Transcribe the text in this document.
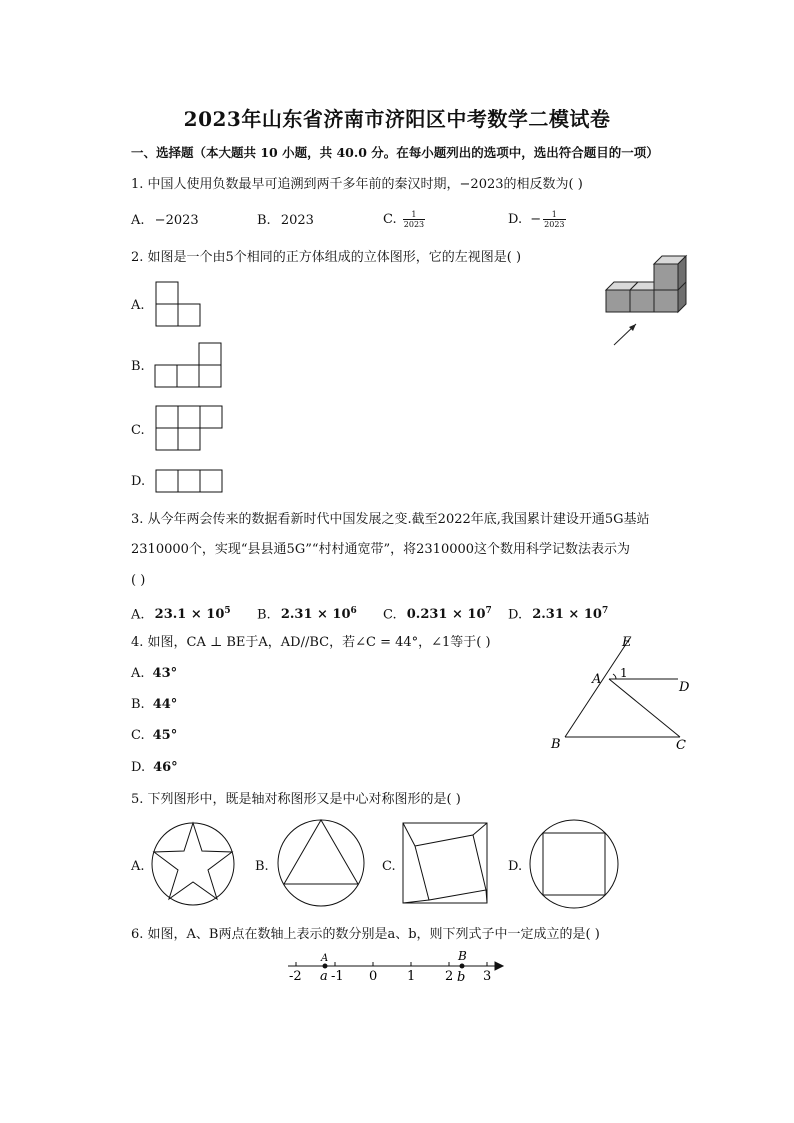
2023年山东省济南市济阳区中考数学二模试卷
一、选择题（本大题共 10 小题，共 40.0 分。在每小题列出的选项中，选出符合题目的一项）
1. 中国人使用负数最早可追溯到两千多年前的秦汉时期，−2023的相反数为( )
A. −2023	B. 2023	C. $\frac{1}{2023}$	D. − $\frac{1}{2023}$
2. 如图是一个由5个相同的正方体组成的立体图形，它的左视图是( )
A.
B.
C.
D.
3. 从今年两会传来的数据看新时代中国发展之变.截至2022年底,我国累计建设开通5G基站
2310000个，实现“县县通5G”“村村通宽带”，将2310000这个数用科学记数法表示为
( )
A. $23.1 \times 10^5$ B. $2.31 \times 10^6$ C. $0.231 \times 10^7$ D. $2.31 \times 10^7$
4. 如图，CA ⊥ BE于A，AD//BC，若∠C = 44°，∠1等于( )
A. 43°
B. 44°
C. 45°
D. 46°
E
A 1
D
B	C
5. 下列图形中，既是轴对称图形又是中心对称图形的是( )
A.	B.	C.	D.
6. 如图，A、B两点在数轴上表示的数分别是a、b，则下列式子中一定成立的是( )
-2 -1 0 1 2 3
A	B
a	b
